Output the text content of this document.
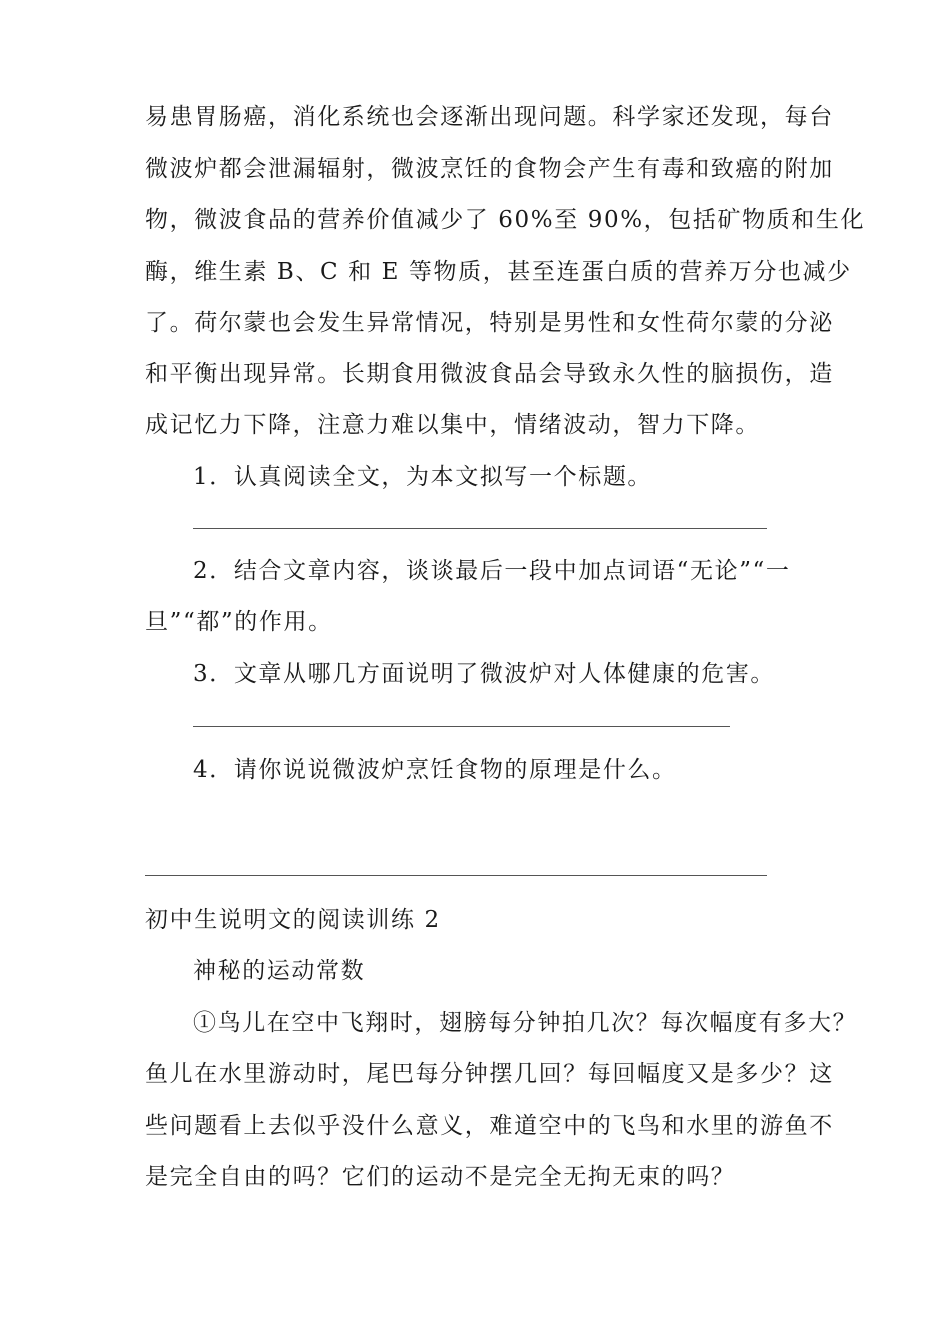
易患胃肠癌，消化系统也会逐渐出现问题。科学家还发现，每台
微波炉都会泄漏辐射，微波烹饪的食物会产生有毒和致癌的附加
物，微波食品的营养价值减少了 60%至 90%，包括矿物质和生化
酶，维生素 B、C 和 E 等物质，甚至连蛋白质的营养万分也减少
了。荷尔蒙也会发生异常情况，特别是男性和女性荷尔蒙的分泌
和平衡出现异常。长期食用微波食品会导致永久性的脑损伤，造
成记忆力下降，注意力难以集中，情绪波动，智力下降。
1．认真阅读全文，为本文拟写一个标题。
2．结合文章内容，谈谈最后一段中加点词语“无论”“一
旦”“都”的作用。
3．文章从哪几方面说明了微波炉对人体健康的危害。
4．请你说说微波炉烹饪食物的原理是什么。
初中生说明文的阅读训练 2
神秘的运动常数
①鸟儿在空中飞翔时，翅膀每分钟拍几次？每次幅度有多大？
鱼儿在水里游动时，尾巴每分钟摆几回？每回幅度又是多少？这
些问题看上去似乎没什么意义，难道空中的飞鸟和水里的游鱼不
是完全自由的吗？它们的运动不是完全无拘无束的吗？
